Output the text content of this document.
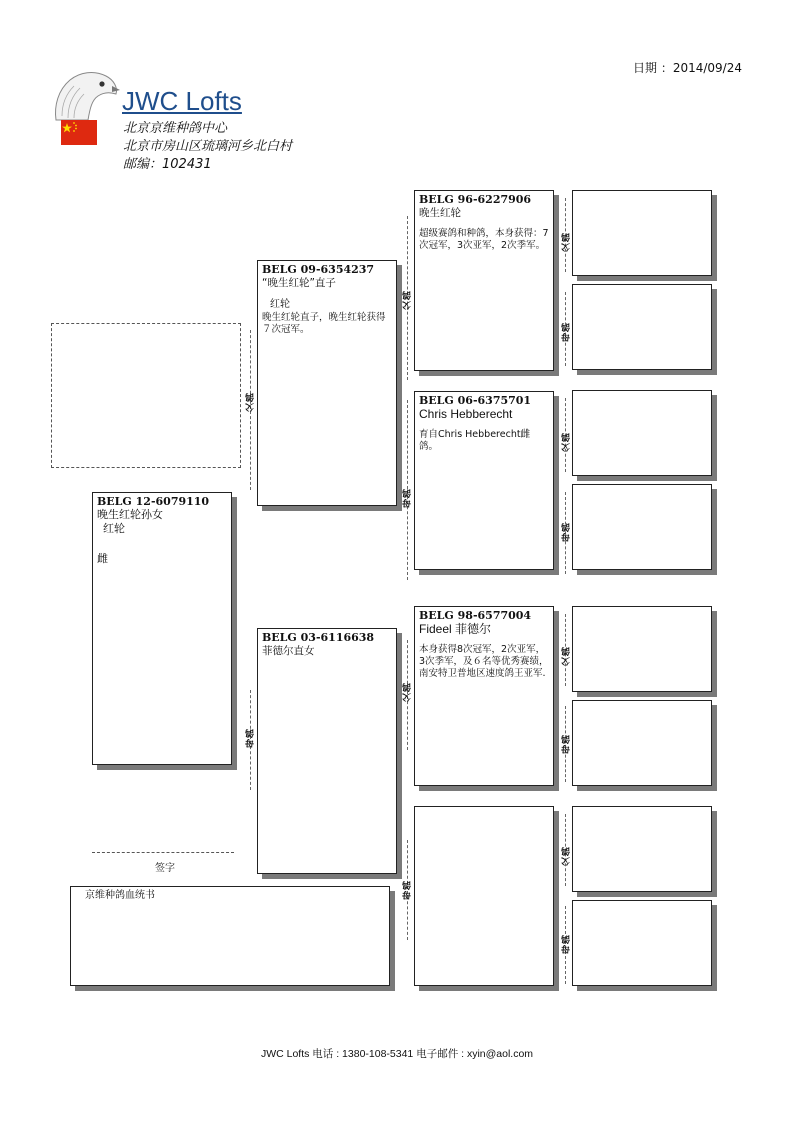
日期 ：2014/09/24
JWC Lofts
北京京维种鸽中心
北京市房山区琉璃河乡北白村
邮编：102431
BELG 12-6079110
晚生红轮孙女
红轮
雌
签字
京维种鸽血统书
父鸽
母鸽
BELG 09-6354237
“晚生红轮”直子
红轮
晚生红轮直子，晚生红轮获得７次冠军。
BELG 03-6116638
菲德尔直女
父鸽
母鸽
父鸽
母鸽
BELG 96-6227906
晚生红轮
超级赛鸽和种鸽，本身获得：7次冠军，3次亚军，2次季军。
BELG 06-6375701
Chris Hebberecht
育自Chris Hebberecht雌鸽。
BELG 98-6577004
Fideel 菲德尔
本身获得8次冠军，2次亚军，3次季军，及６名等优秀赛绩，南安特卫普地区速度鸽王亚军.
父鸽
母鸽
父鸽
母鸽
父鸽
母鸽
父鸽
母鸽
JWC Lofts 电话 : 1380-108-5341 电子邮件 : xyin@aol.com
